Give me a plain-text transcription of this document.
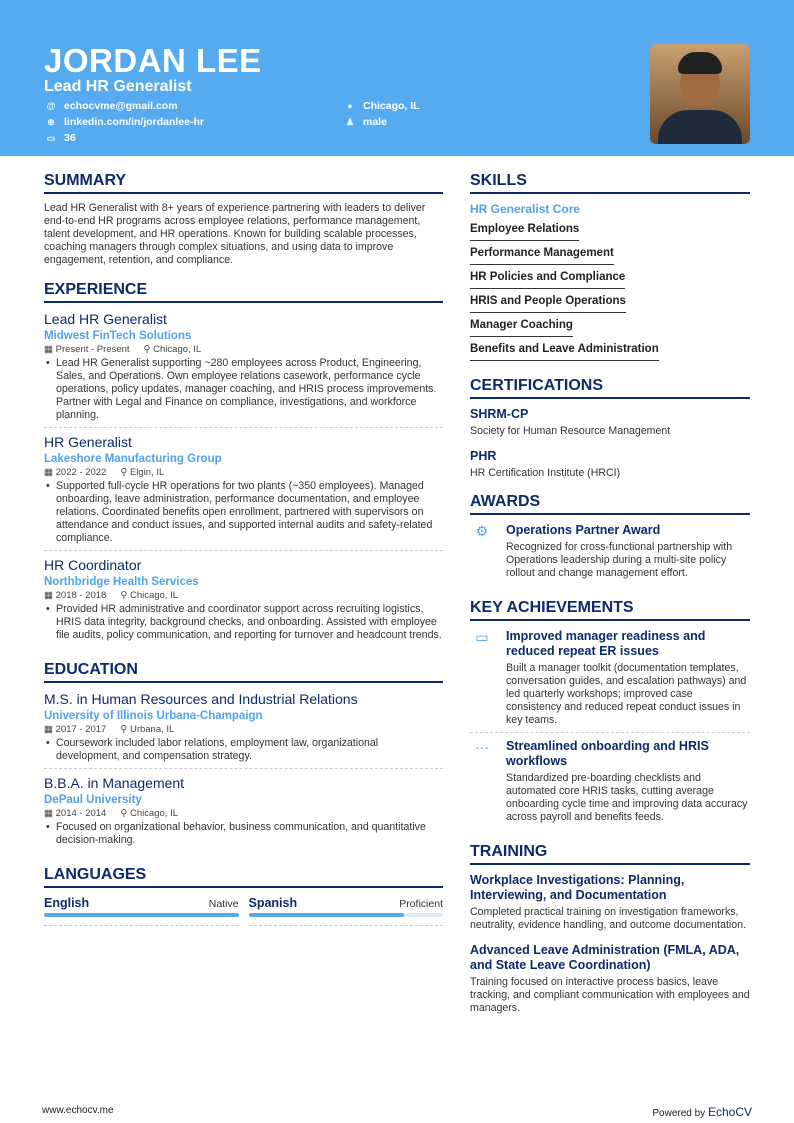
JORDAN LEE
Lead HR Generalist
@ echocvme@gmail.com
⊕ linkedin.com/in/jordanlee-hr
▭ 36
● Chicago, IL
♟ male
SUMMARY

Lead HR Generalist with 8+ years of experience partnering with leaders to deliver end-to-end HR programs across employee relations, performance management, talent development, and HR operations. Known for building scalable processes, coaching managers through complex situations, and using data to improve engagement, retention, and compliance.

EXPERIENCE
Lead HR Generalist
Midwest FinTech Solutions
▦ Present - Present ⚲ Chicago, IL
• Lead HR Generalist supporting ~280 employees across Product, Engineering, Sales, and Operations. Own employee relations casework, performance cycle operations, policy updates, manager coaching, and HRIS process improvements. Partner with Legal and Finance on compliance, investigations, and workforce planning.
HR Generalist
Lakeshore Manufacturing Group
▦ 2022 - 2022 ⚲ Elgin, IL
• Supported full-cycle HR operations for two plants (~350 employees). Managed onboarding, leave administration, performance documentation, and employee relations. Coordinated benefits open enrollment, partnered with supervisors on attendance and conduct issues, and supported internal audits and safety-related compliance.
HR Coordinator
Northbridge Health Services
▦ 2018 - 2018 ⚲ Chicago, IL
• Provided HR administrative and coordinator support across recruiting logistics, HRIS data integrity, background checks, and onboarding. Assisted with employee file audits, policy communication, and reporting for turnover and headcount trends.
EDUCATION
M.S. in Human Resources and Industrial Relations
University of Illinois Urbana-Champaign
▦ 2017 - 2017 ⚲ Urbana, IL
• Coursework included labor relations, employment law, organizational development, and compensation strategy.
B.B.A. in Management
DePaul University
▦ 2014 - 2014 ⚲ Chicago, IL
• Focused on organizational behavior, business communication, and quantitative decision-making.
LANGUAGES
English	Native Spanish	Proficient
SKILLS
HR Generalist Core
Employee Relations
Performance Management
HR Policies and Compliance
HRIS and People Operations
Manager Coaching
Benefits and Leave Administration
CERTIFICATIONS
SHRM-CP

Society for Human Resource Management

PHR

HR Certification Institute (HRCI)

AWARDS
⚙	Operations Partner Award

Recognized for cross-functional partnership with Operations leadership during a multi-site policy rollout and change management effort.

KEY ACHIEVEMENTS
▭	Improved manager readiness and reduced repeat ER issues

Built a manager toolkit (documentation templates, conversation guides, and escalation pathways) and led quarterly workshops; improved case consistency and reduced repeat conduct issues in key teams.

···	Streamlined onboarding and HRIS workflows

Standardized pre-boarding checklists and automated core HRIS tasks, cutting average onboarding cycle time and improving data accuracy across payroll and benefits feeds.

TRAINING
Workplace Investigations: Planning, Interviewing, and Documentation

Completed practical training on investigation frameworks, neutrality, evidence handling, and outcome documentation.

Advanced Leave Administration (FMLA, ADA, and State Leave Coordination)

Training focused on interactive process basics, leave tracking, and compliant communication with employees and managers.

www.echocv.me	Powered by EchoCV
